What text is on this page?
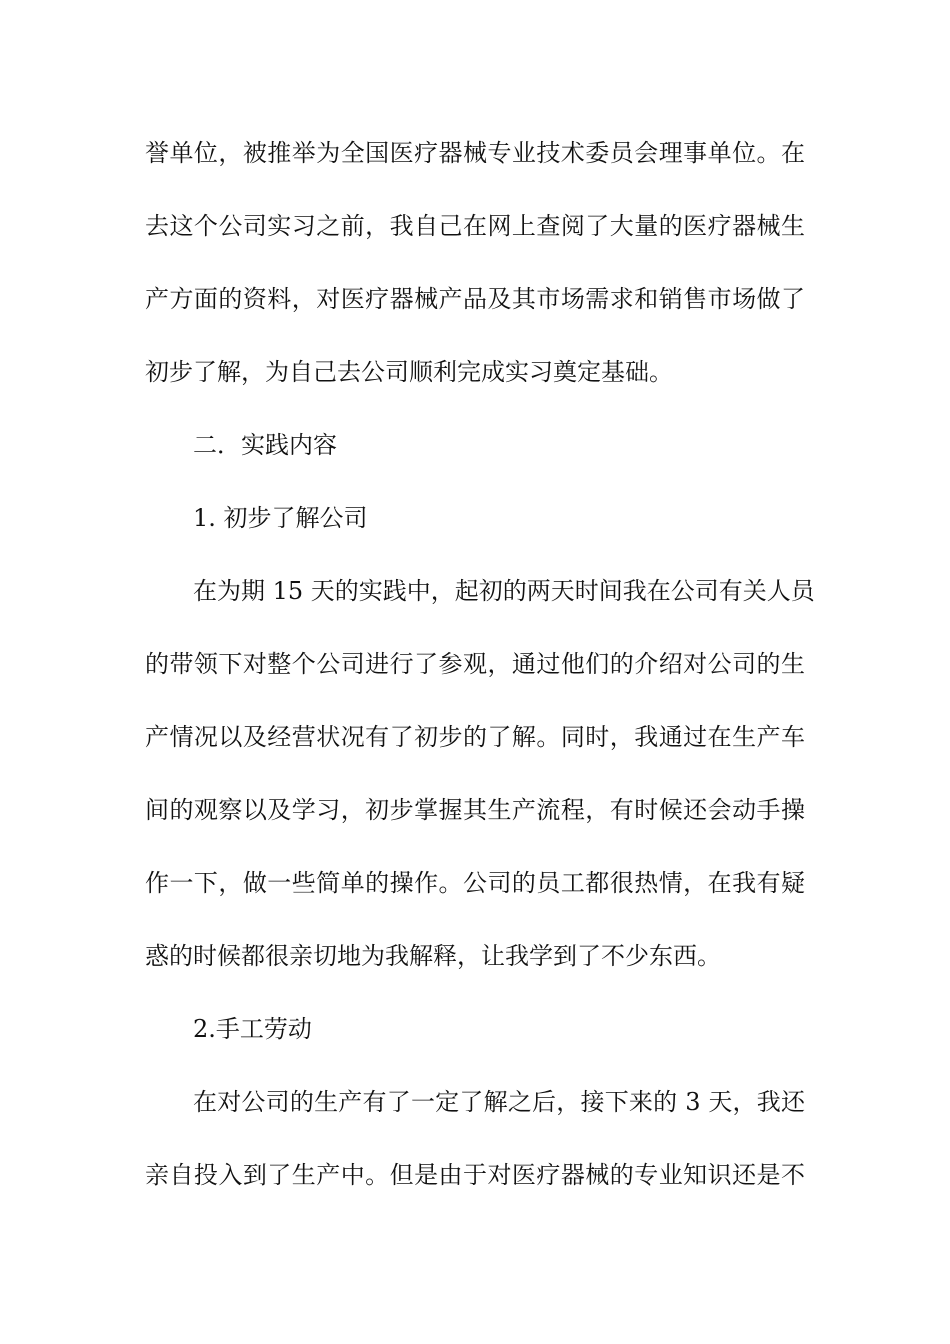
誉单位，被推举为全国医疗器械专业技术委员会理事单位。在
去这个公司实习之前，我自己在网上查阅了大量的医疗器械生
产方面的资料，对医疗器械产品及其市场需求和销售市场做了
初步了解，为自己去公司顺利完成实习奠定基础。
二．实践内容
1. 初步了解公司
在为期 15 天的实践中，起初的两天时间我在公司有关人员
的带领下对整个公司进行了参观，通过他们的介绍对公司的生
产情况以及经营状况有了初步的了解。同时，我通过在生产车
间的观察以及学习，初步掌握其生产流程，有时候还会动手操
作一下，做一些简单的操作。公司的员工都很热情，在我有疑
惑的时候都很亲切地为我解释，让我学到了不少东西。
2.手工劳动
在对公司的生产有了一定了解之后，接下来的 3 天，我还
亲自投入到了生产中。但是由于对医疗器械的专业知识还是不
